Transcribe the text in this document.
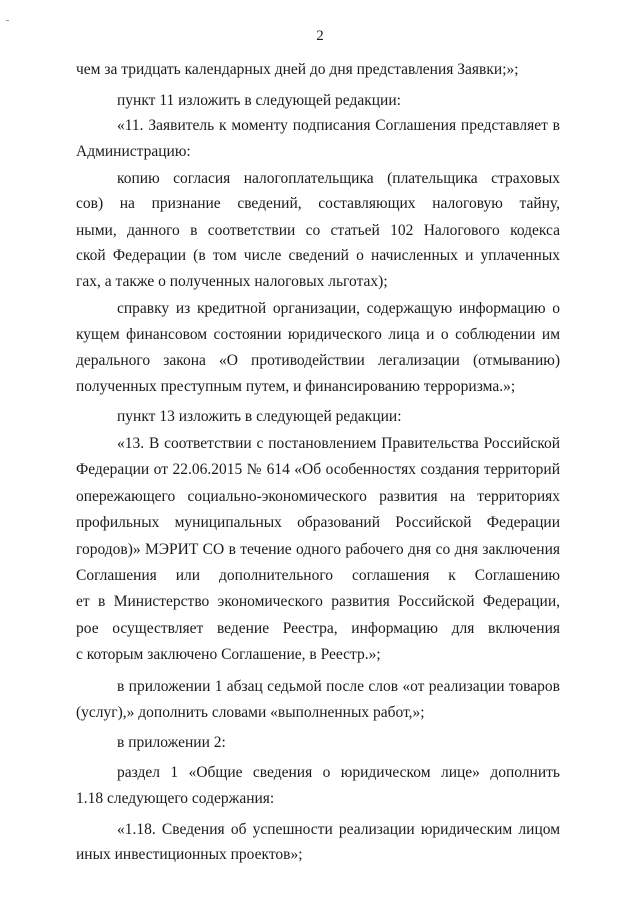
2
чем за тридцать календарных дней до дня представления Заявки;»;
пункт 11 изложить в следующей редакции:
«11. Заявитель к моменту подписания Соглашения представляет в
Администрацию:
копию согласия налогоплательщика (плательщика страховых
сов) на признание сведений, составляющих налоговую тайну,
ными, данного в соответствии со статьей 102 Налогового кодекса
ской Федерации (в том числе сведений о начисленных и уплаченных
гах, а также о полученных налоговых льготах);
справку из кредитной организации, содержащую информацию о
кущем финансовом состоянии юридического лица и о соблюдении им
дерального закона «О противодействии легализации (отмыванию)
полученных преступным путем, и финансированию терроризма.»;
пункт 13 изложить в следующей редакции:
«13. В соответствии с постановлением Правительства Российской
Федерации от 22.06.2015 № 614 «Об особенностях создания территорий
опережающего социально-экономического развития на территориях
профильных муниципальных образований Российской Федерации
городов)» МЭРИТ СО в течение одного рабочего дня со дня заключения
Соглашения или дополнительного соглашения к Соглашению
ет в Министерство экономического развития Российской Федерации,
рое осуществляет ведение Реестра, информацию для включения
с которым заключено Соглашение, в Реестр.»;
в приложении 1 абзац седьмой после слов «от реализации товаров
(услуг),» дополнить словами «выполненных работ,»;
в приложении 2:
раздел 1 «Общие сведения о юридическом лице» дополнить
1.18 следующего содержания:
«1.18. Сведения об успешности реализации юридическим лицом
иных инвестиционных проектов»;
